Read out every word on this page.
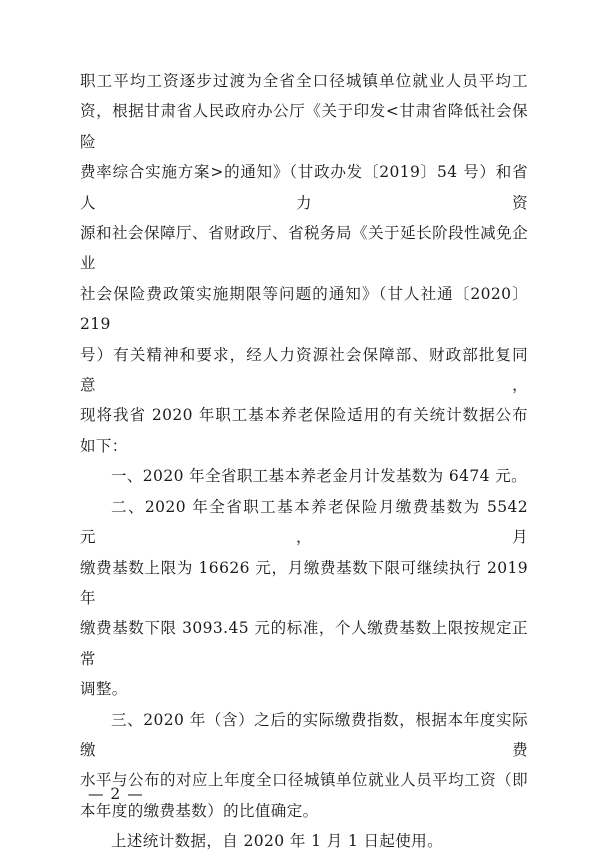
职工平均工资逐步过渡为全省全口径城镇单位就业人员平均工
资，根据甘肃省人民政府办公厅《关于印发<甘肃省降低社会保险
费率综合实施方案>的通知》（甘政办发〔2019〕54 号）和省人力资
源和社会保障厅、省财政厅、省税务局《关于延长阶段性减免企业
社会保险费政策实施期限等问题的通知》（甘人社通〔2020〕219
号）有关精神和要求，经人力资源社会保障部、财政部批复同意，
现将我省 2020 年职工基本养老保险适用的有关统计数据公布
如下：

一、2020 年全省职工基本养老金月计发基数为 6474 元。

二、2020 年全省职工基本养老保险月缴费基数为 5542 元，月
缴费基数上限为 16626 元，月缴费基数下限可继续执行 2019 年
缴费基数下限 3093.45 元的标准，个人缴费基数上限按规定正常
调整。

三、2020 年（含）之后的实际缴费指数，根据本年度实际缴费
水平与公布的对应上年度全口径城镇单位就业人员平均工资（即
本年度的缴费基数）的比值确定。

上述统计数据，自 2020 年 1 月 1 日起使用。

— 2 —
